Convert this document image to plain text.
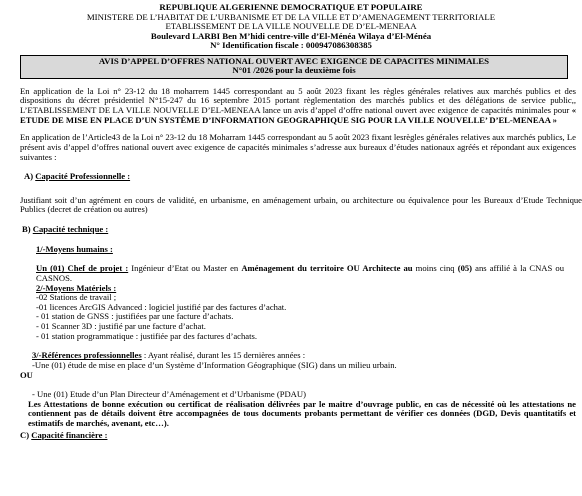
REPUBLIQUE ALGERIENNE DEMOCRATIQUE ET POPULAIRE
MINISTERE DE L’HABITAT DE L’URBANISME ET DE LA VILLE ET D’AMENAGEMENT TERRITORIALE
ETABLISSEMENT DE LA VILLE NOUVELLE DE D’EL-MENEAA
Boulevard LARBI Ben M’hidi centre-ville d’El-Ménéa Wilaya d’El-Ménéa
N° Identification fiscale : 000947086308385
AVIS D’APPEL D’OFFRES NATIONAL OUVERT AVEC EXIGENCE DE CAPACITES MINIMALES
N°01 /2026 pour la deuxième fois
En application de la Loi n° 23-12 du 18 moharrem 1445 correspondant au 5 août 2023 fixant les règles générales relatives aux marchés publics et des dispositions du décret présidentiel N°15-247 du 16 septembre 2015 portant règlementation des marchés publics et des délégations de service public,, L’ETABLISSEMENT DE LA VILLE NOUVELLE D’EL-MENEAA lance un avis d’appel d’offre national ouvert avec exigence de capacités minimales pour « ETUDE DE MISE EN PLACE D’UN SYSTÈME D’INFORMATION GEOGRAPHIQUE SIG POUR LA VILLE NOUVELLE’ D’EL-MENEAA »
En application de l’Article43 de la Loi n° 23-12 du 18 Moharram 1445 correspondant au 5 août 2023 fixant lesrègles générales relatives aux marchés publics, Le présent avis d’appel d’offres national ouvert avec exigence de capacités minimales s’adresse aux bureaux d’études nationaux agréés et répondant aux exigences suivantes :
A) Capacité Professionnelle :
Justifiant soit d’un agrément en cours de validité, en urbanisme, en aménagement urbain, ou architecture ou équivalence pour les Bureaux d’Etude Technique Publics (decret de création ou autres)
B) Capacité technique :
1/-Moyens humains :
Un (01) Chef de projet : Ingénieur d’Etat ou Master en Aménagement du territoire OU Architecte au moins cinq (05) ans affilié à la CNAS ou CASNOS.
2/-Moyens Matériels :
-02 Stations de travail ;
-01 licences ArcGIS Advanced : logiciel justifié par des factures d’achat.
- 01 station de GNSS : justifiées par une facture d’achats.
- 01 Scanner 3D : justifié par une facture d’achat.
- 01 station programmatique : justifiée par des factures d’achats.
3/-Références professionnelles : Ayant réalisé, durant les 15 dernières années :
-Une (01) étude de mise en place d’un Système d’Information Géographique (SIG) dans un milieu urbain.
OU
- Une (01) Etude d’un Plan Directeur d’Aménagement et d’Urbanisme (PDAU)
Les Attestations de bonne exécution ou certificat de réalisation délivrées par le maitre d’ouvrage public, en cas de nécessité où les attestations ne contiennent pas de détails doivent être accompagnées de tous documents probants permettant de vérifier ces données (DGD, Devis quantitatifs et estimatifs de marchés, avenant, etc…).
C) Capacité financière :
